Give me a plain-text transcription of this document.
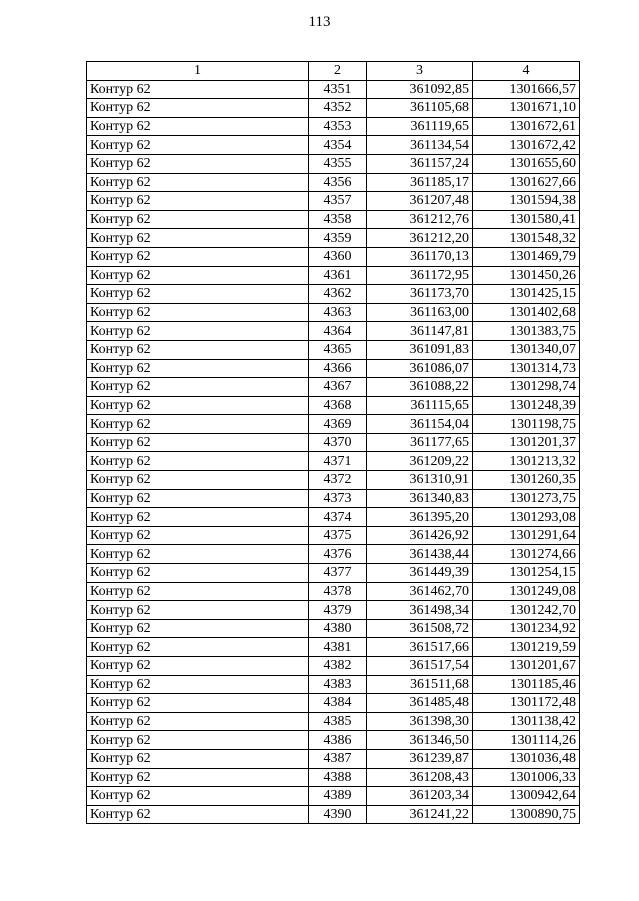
113
1	2	3	4
Контур 62	4351	361092,85	1301666,57
Контур 62	4352	361105,68	1301671,10
Контур 62	4353	361119,65	1301672,61
Контур 62	4354	361134,54	1301672,42
Контур 62	4355	361157,24	1301655,60
Контур 62	4356	361185,17	1301627,66
Контур 62	4357	361207,48	1301594,38
Контур 62	4358	361212,76	1301580,41
Контур 62	4359	361212,20	1301548,32
Контур 62	4360	361170,13	1301469,79
Контур 62	4361	361172,95	1301450,26
Контур 62	4362	361173,70	1301425,15
Контур 62	4363	361163,00	1301402,68
Контур 62	4364	361147,81	1301383,75
Контур 62	4365	361091,83	1301340,07
Контур 62	4366	361086,07	1301314,73
Контур 62	4367	361088,22	1301298,74
Контур 62	4368	361115,65	1301248,39
Контур 62	4369	361154,04	1301198,75
Контур 62	4370	361177,65	1301201,37
Контур 62	4371	361209,22	1301213,32
Контур 62	4372	361310,91	1301260,35
Контур 62	4373	361340,83	1301273,75
Контур 62	4374	361395,20	1301293,08
Контур 62	4375	361426,92	1301291,64
Контур 62	4376	361438,44	1301274,66
Контур 62	4377	361449,39	1301254,15
Контур 62	4378	361462,70	1301249,08
Контур 62	4379	361498,34	1301242,70
Контур 62	4380	361508,72	1301234,92
Контур 62	4381	361517,66	1301219,59
Контур 62	4382	361517,54	1301201,67
Контур 62	4383	361511,68	1301185,46
Контур 62	4384	361485,48	1301172,48
Контур 62	4385	361398,30	1301138,42
Контур 62	4386	361346,50	1301114,26
Контур 62	4387	361239,87	1301036,48
Контур 62	4388	361208,43	1301006,33
Контур 62	4389	361203,34	1300942,64
Контур 62	4390	361241,22	1300890,75
